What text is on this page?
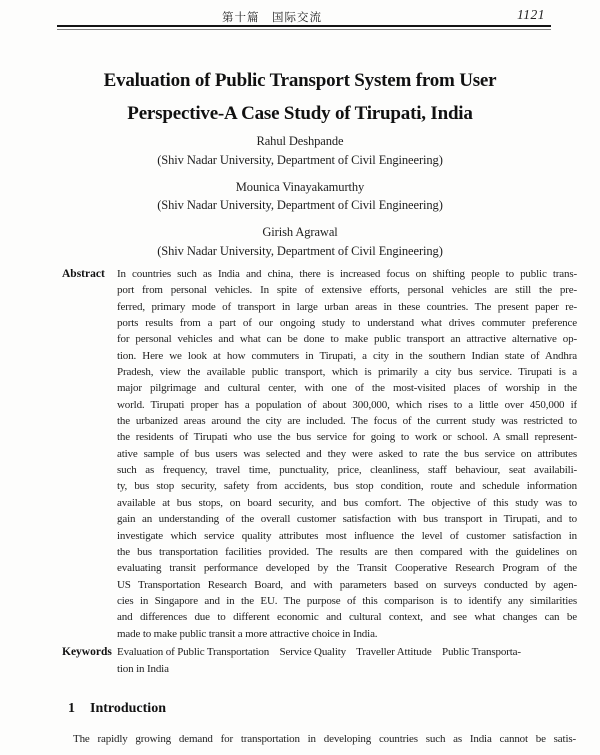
第十篇　国际交流	1121
Evaluation of Public Transport System from User
Perspective-A Case Study of Tirupati, India
Rahul Deshpande
(Shiv Nadar University, Department of Civil Engineering)
Mounica Vinayakamurthy
(Shiv Nadar University, Department of Civil Engineering)
Girish Agrawal
(Shiv Nadar University, Department of Civil Engineering)
Abstract	In countries such as India and china, there is increased focus on shifting people to public trans-
port from personal vehicles. In spite of extensive efforts, personal vehicles are still the pre-
ferred, primary mode of transport in large urban areas in these countries. The present paper re-
ports results from a part of our ongoing study to understand what drives commuter preference
for personal vehicles and what can be done to make public transport an attractive alternative op-
tion. Here we look at how commuters in Tirupati, a city in the southern Indian state of Andhra
Pradesh, view the available public transport, which is primarily a city bus service. Tirupati is a
major pilgrimage and cultural center, with one of the most-visited places of worship in the
world. Tirupati proper has a population of about 300,000, which rises to a little over 450,000 if
the urbanized areas around the city are included. The focus of the current study was restricted to
the residents of Tirupati who use the bus service for going to work or school. A small represent-
ative sample of bus users was selected and they were asked to rate the bus service on attributes
such as frequency, travel time, punctuality, price, cleanliness, staff behaviour, seat availabili-
ty, bus stop security, safety from accidents, bus stop condition, route and schedule information
available at bus stops, on board security, and bus comfort. The objective of this study was to
gain an understanding of the overall customer satisfaction with bus transport in Tirupati, and to
investigate which service quality attributes most influence the level of customer satisfaction in
the bus transportation facilities provided. The results are then compared with the guidelines on
evaluating transit performance developed by the Transit Cooperative Research Program of the
US Transportation Research Board, and with parameters based on surveys conducted by agen-
cies in Singapore and in the EU. The purpose of this comparison is to identify any similarities
and differences due to different economic and cultural context, and see what changes can be
made to make public transit a more attractive choice in India.
Keywords Evaluation of Public Transportation    Service Quality    Traveller Attitude    Public Transporta-
tion in India
1 Introduction
The rapidly growing demand for transportation in developing countries such as India cannot be satis-
